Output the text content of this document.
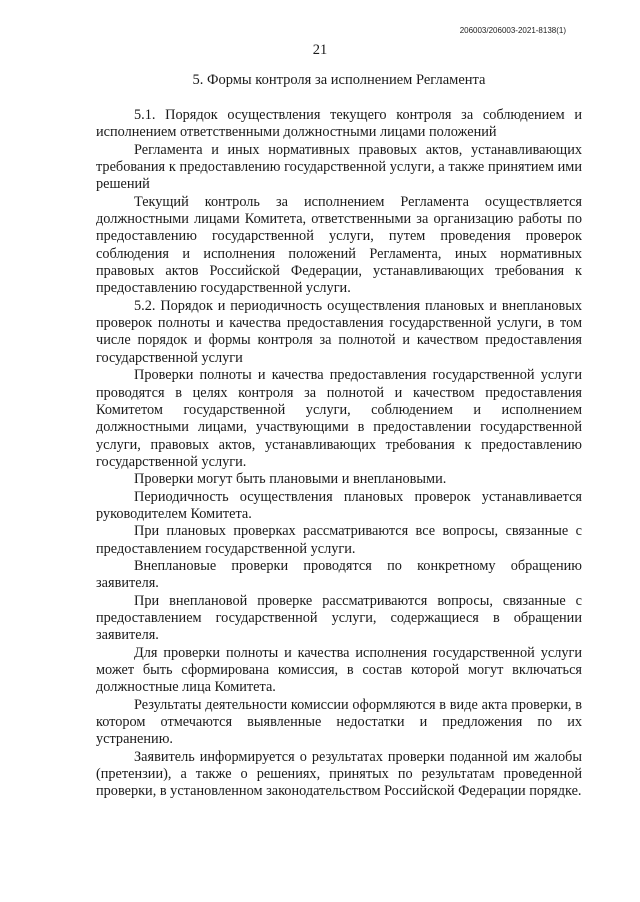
206003/206003-2021-8138(1)
21
5. Формы контроля за исполнением Регламента

5.1. Порядок осуществления текущего контроля за соблюдением и исполнением ответственными должностными лицами положений

Регламента и иных нормативных правовых актов, устанавливающих требования к предоставлению государственной услуги, а также принятием ими решений

Текущий контроль за исполнением Регламента осуществляется должностными лицами Комитета, ответственными за организацию работы по предоставлению государственной услуги, путем проведения проверок соблюдения и исполнения положений Регламента, иных нормативных правовых актов Российской Федерации, устанавливающих требования к предоставлению государственной услуги.

5.2. Порядок и периодичность осуществления плановых и внеплановых проверок полноты и качества предоставления государственной услуги, в том числе порядок и формы контроля за полнотой и качеством предоставления государственной услуги

Проверки полноты и качества предоставления государственной услуги проводятся в целях контроля за полнотой и качеством предоставления Комитетом государственной услуги, соблюдением и исполнением должностными лицами, участвующими в предоставлении государственной услуги, правовых актов, устанавливающих требования к предоставлению государственной услуги.

Проверки могут быть плановыми и внеплановыми.

Периодичность осуществления плановых проверок устанавливается руководителем Комитета.

При плановых проверках рассматриваются все вопросы, связанные с предоставлением государственной услуги.

Внеплановые проверки проводятся по конкретному обращению заявителя.

При внеплановой проверке рассматриваются вопросы, связанные с предоставлением государственной услуги, содержащиеся в обращении заявителя.

Для проверки полноты и качества исполнения государственной услуги может быть сформирована комиссия, в состав которой могут включаться должностные лица Комитета.

Результаты деятельности комиссии оформляются в виде акта проверки, в котором отмечаются выявленные недостатки и предложения по их устранению.

Заявитель информируется о результатах проверки поданной им жалобы (претензии), а также о решениях, принятых по результатам проведенной проверки, в установленном законодательством Российской Федерации порядке.
